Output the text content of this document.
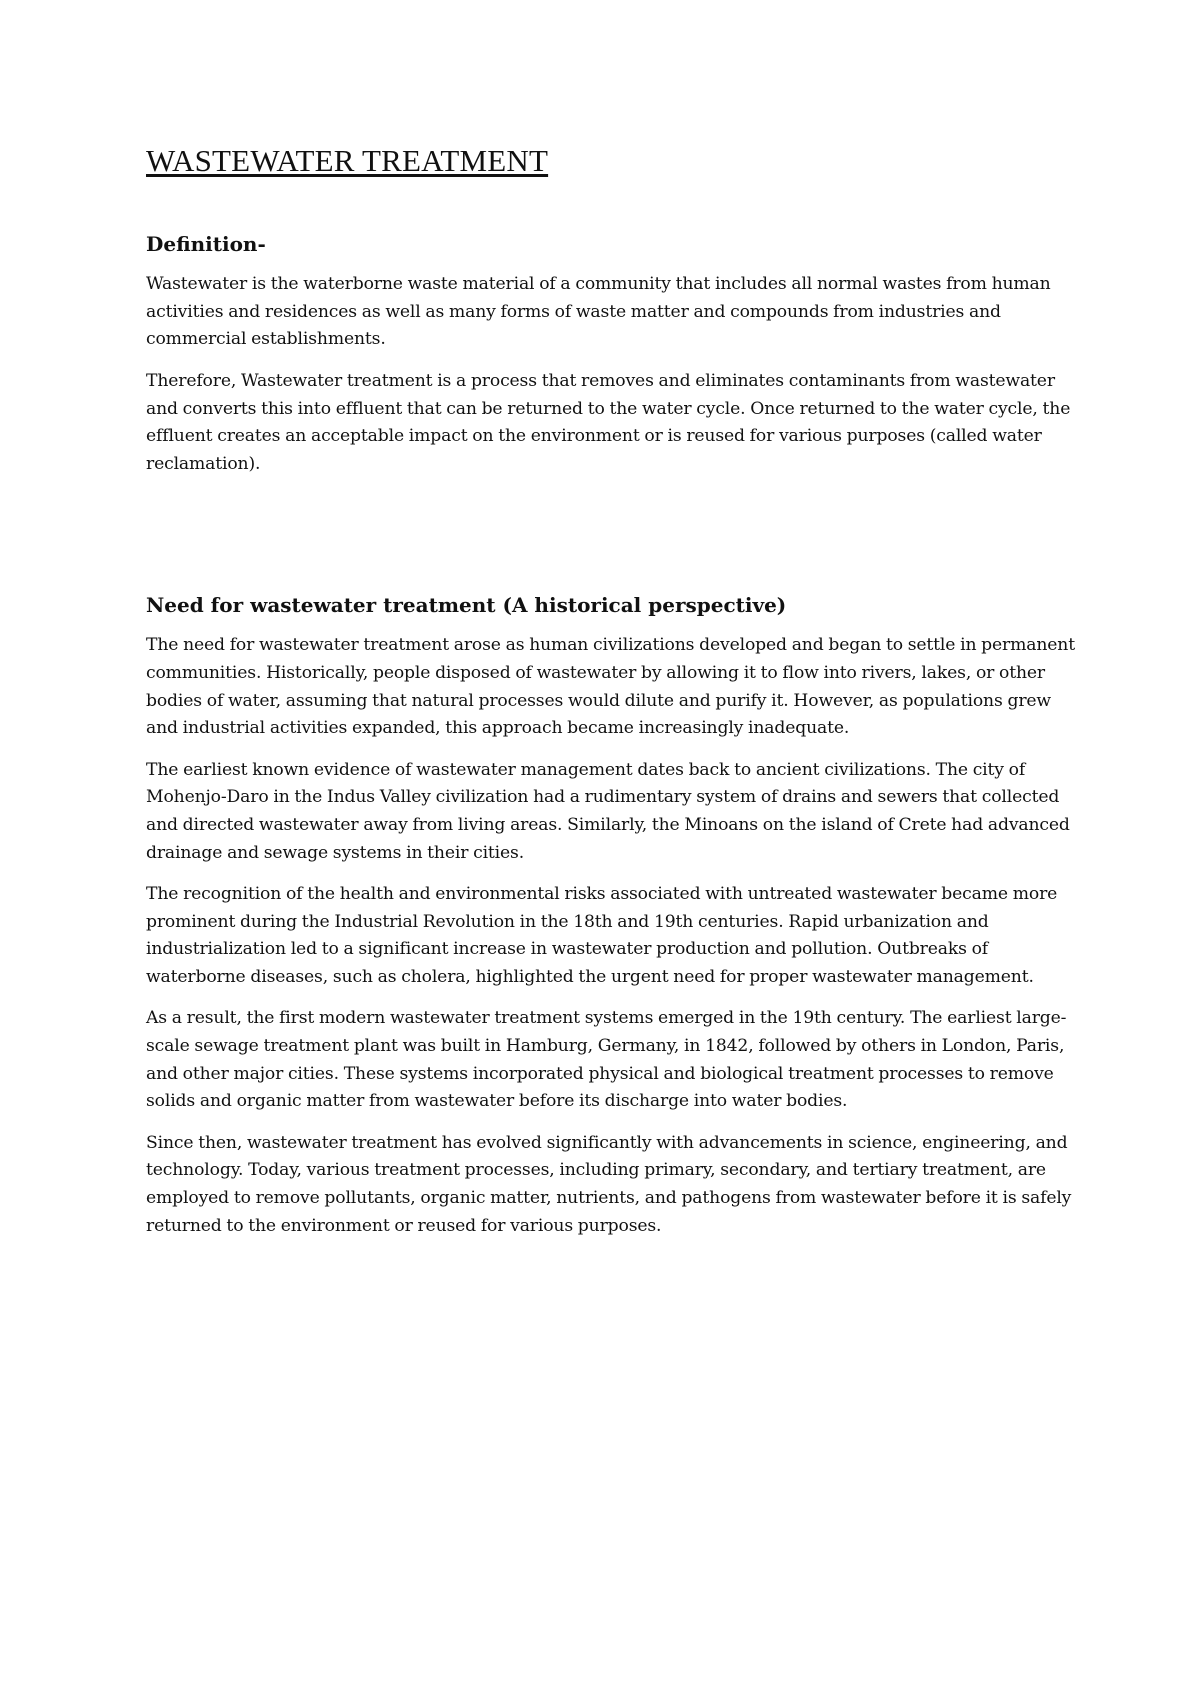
WASTEWATER TREATMENT
Definition-

Wastewater is the waterborne waste material of a community that includes all normal wastes from human activities and residences as well as many forms of waste matter and compounds from industries and commercial establishments.

Therefore, Wastewater treatment is a process that removes and eliminates contaminants from wastewater and converts this into effluent that can be returned to the water cycle. Once returned to the water cycle, the effluent creates an acceptable impact on the environment or is reused for various purposes (called water reclamation).

Need for wastewater treatment (A historical perspective)

The need for wastewater treatment arose as human civilizations developed and began to settle in permanent communities. Historically, people disposed of wastewater by allowing it to flow into rivers, lakes, or other bodies of water, assuming that natural processes would dilute and purify it. However, as populations grew and industrial activities expanded, this approach became increasingly inadequate.

The earliest known evidence of wastewater management dates back to ancient civilizations. The city of Mohenjo-Daro in the Indus Valley civilization had a rudimentary system of drains and sewers that collected and directed wastewater away from living areas. Similarly, the Minoans on the island of Crete had advanced drainage and sewage systems in their cities.

The recognition of the health and environmental risks associated with untreated wastewater became more prominent during the Industrial Revolution in the 18th and 19th centuries. Rapid urbanization and industrialization led to a significant increase in wastewater production and pollution. Outbreaks of waterborne diseases, such as cholera, highlighted the urgent need for proper wastewater management.

As a result, the first modern wastewater treatment systems emerged in the 19th century. The earliest large-scale sewage treatment plant was built in Hamburg, Germany, in 1842, followed by others in London, Paris, and other major cities. These systems incorporated physical and biological treatment processes to remove solids and organic matter from wastewater before its discharge into water bodies.

Since then, wastewater treatment has evolved significantly with advancements in science, engineering, and technology. Today, various treatment processes, including primary, secondary, and tertiary treatment, are employed to remove pollutants, organic matter, nutrients, and pathogens from wastewater before it is safely returned to the environment or reused for various purposes.
